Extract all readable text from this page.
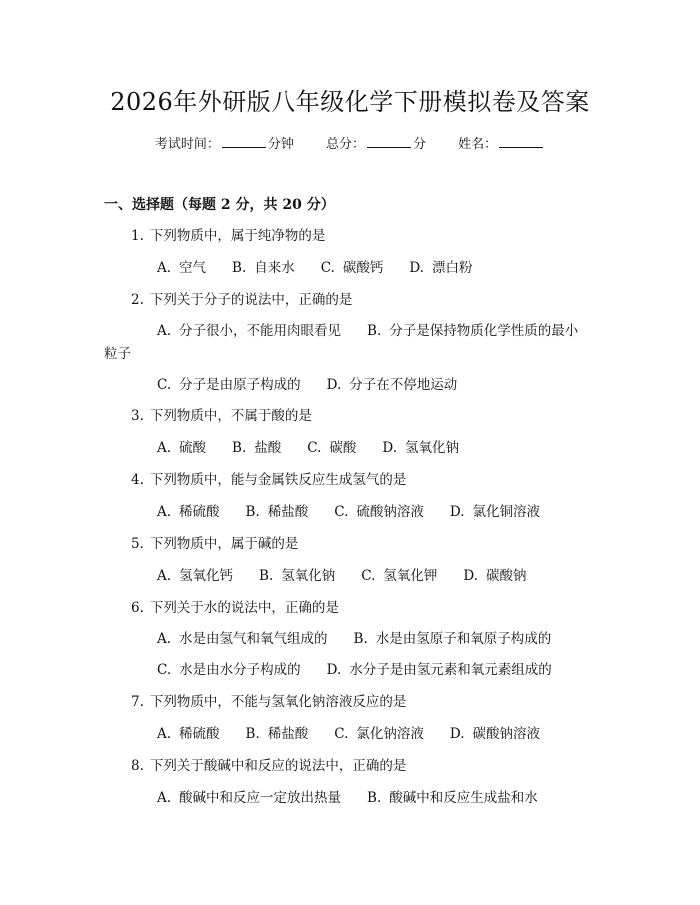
2026年外研版八年级化学下册模拟卷及答案
考试时间：	分钟 总分：	分 姓名：
一、选择题（每题 2 分，共 20 分）
1. 下列物质中，属于纯净物的是
A. 空气 B. 自来水 C. 碳酸钙 D. 漂白粉
2. 下列关于分子的说法中，正确的是
A. 分子很小，不能用肉眼看见 B. 分子是保持物质化学性质的最小
粒子
C. 分子是由原子构成的 D. 分子在不停地运动
3. 下列物质中，不属于酸的是
A. 硫酸 B. 盐酸 C. 碳酸 D. 氢氧化钠
4. 下列物质中，能与金属铁反应生成氢气的是
A. 稀硫酸 B. 稀盐酸 C. 硫酸钠溶液 D. 氯化铜溶液
5. 下列物质中，属于碱的是
A. 氢氧化钙 B. 氢氧化钠 C. 氢氧化钾 D. 碳酸钠
6. 下列关于水的说法中，正确的是
A. 水是由氢气和氧气组成的 B. 水是由氢原子和氧原子构成的
C. 水是由水分子构成的 D. 水分子是由氢元素和氧元素组成的
7. 下列物质中，不能与氢氧化钠溶液反应的是
A. 稀硫酸 B. 稀盐酸 C. 氯化钠溶液 D. 碳酸钠溶液
8. 下列关于酸碱中和反应的说法中，正确的是
A. 酸碱中和反应一定放出热量 B. 酸碱中和反应生成盐和水
